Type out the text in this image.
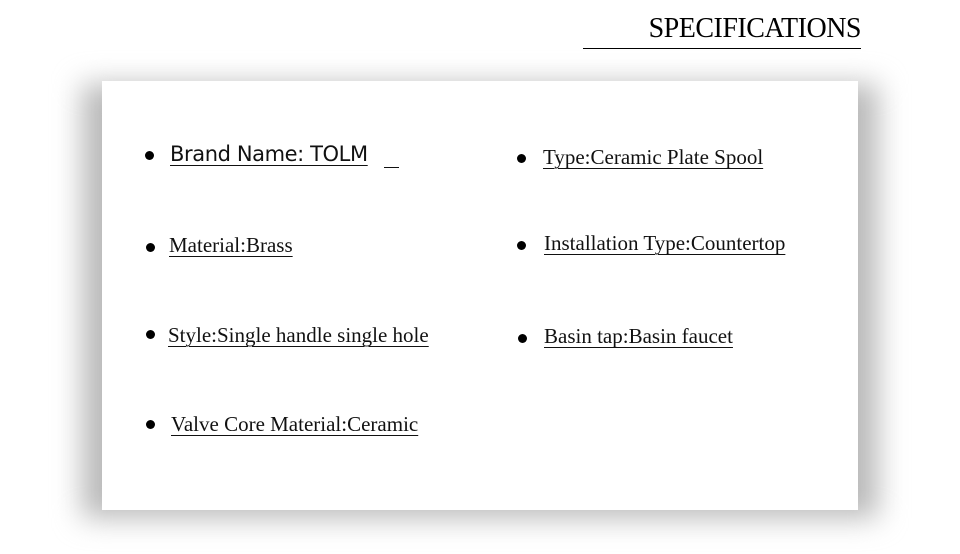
SPECIFICATIONS
Brand Name: TOLM
Material:Brass
Style:Single handle single hole
Valve Core Material:Ceramic
Type:Ceramic Plate Spool
Installation Type:Countertop
Basin tap:Basin faucet
